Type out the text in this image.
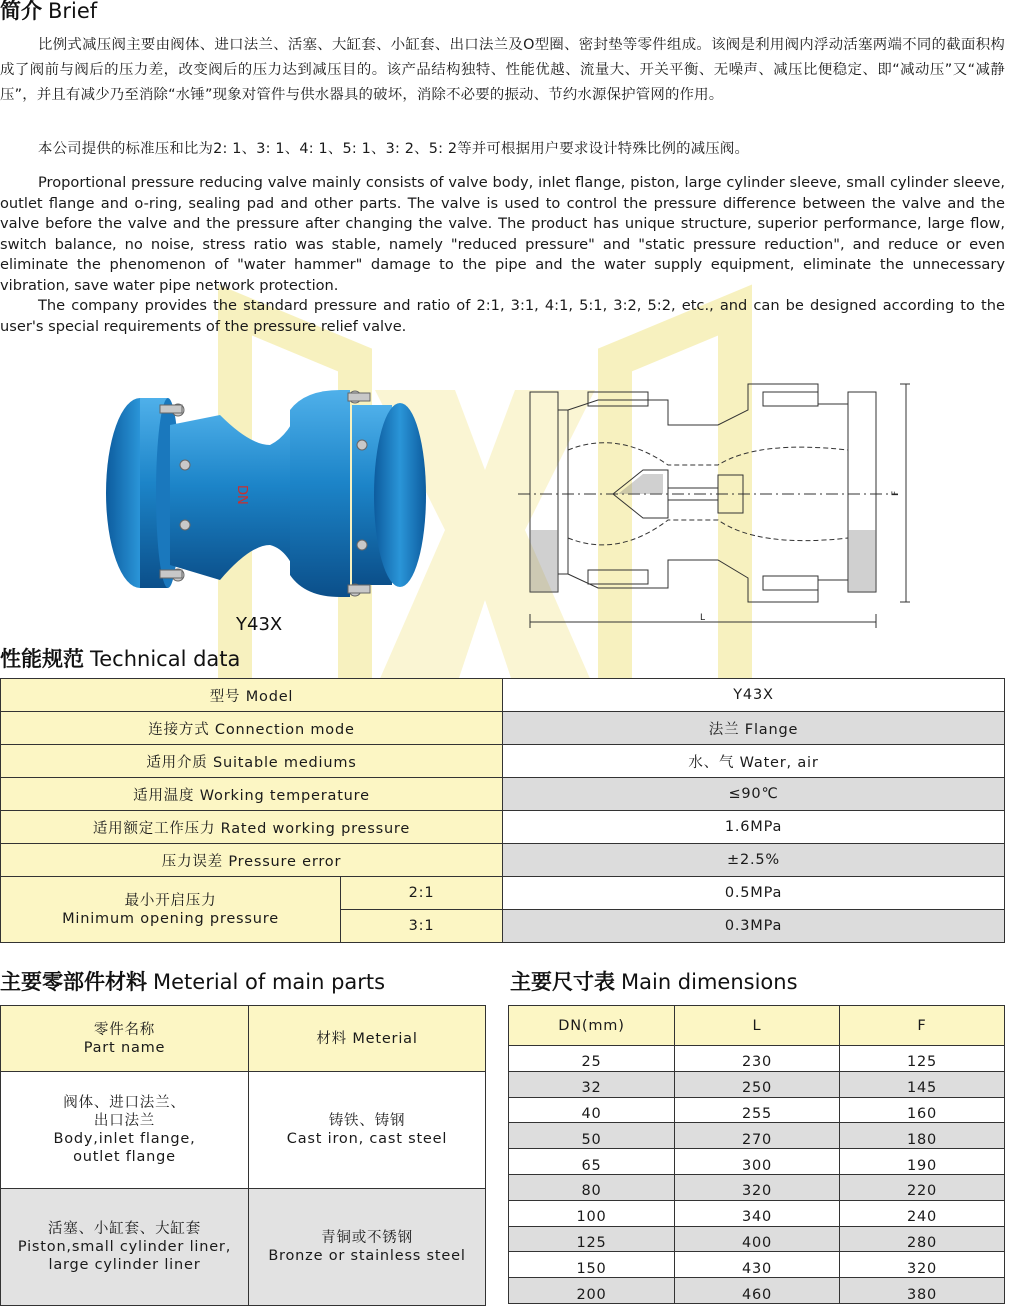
简介 Brief

比例式减压阀主要由阀体、进口法兰、活塞、大缸套、小缸套、出口法兰及O型圈、密封垫等零件组成。该阀是利用阀内浮动活塞两端不同的截面积构成了阀前与阀后的压力差，改变阀后的压力达到减压目的。该产品结构独特、性能优越、流量大、开关平衡、无噪声、减压比便稳定、即“减动压”又“减静压”，并且有减少乃至消除“水锤”现象对管件与供水器具的破坏，消除不必要的振动、节约水源保护管网的作用。

本公司提供的标准压和比为2: 1、3: 1、4: 1、5: 1、3: 2、5: 2等并可根据用户要求设计特殊比例的减压阀。

Proportional pressure reducing valve mainly consists of valve body, inlet flange, piston, large cylinder sleeve, small cylinder sleeve, outlet flange and o-ring, sealing pad and other parts. The valve is used to control the pressure difference between the valve and the valve before the valve and the pressure after changing the valve. The product has unique structure, superior performance, large flow, switch balance, no noise, stress ratio was stable, namely "reduced pressure" and "static pressure reduction", and reduce or even eliminate the phenomenon of "water hammer" damage to the pipe and the water supply equipment, eliminate the unnecessary vibration, save water pipe network protection.

The company provides the standard pressure and ratio of 2:1, 3:1, 4:1, 5:1, 3:2, 5:2, etc., and can be designed according to the user's special requirements of the pressure relief valve.

DN
Y43X	L
F
性能规范 Technical data
型号 Model		Y43X
连接方式 Connection mode		法兰 Flange
适用介质 Suitable mediums		水、气 Water, air
适用温度 Working temperature		≤90℃
适用额定工作压力 Rated working pressure		1.6MPa
压力误差 Pressure error		±2.5%
最小开启压力
Minimum opening pressure	2:1	0.5MPa
	3:1	0.3MPa
主要零部件材料 Meterial of main parts
零件名称
Part name	材料 Meterial
阀体、进口法兰、
出口法兰
Body,inlet flange,
outlet flange	铸铁、铸钢
Cast iron, cast steel
活塞、小缸套、大缸套
Piston,small cylinder liner,
large cylinder liner	青铜或不锈钢
Bronze or stainless steel
主要尺寸表 Main dimensions
DN(mm)	L	F
25	230	125
32	250	145
40	255	160
50	270	180
65	300	190
80	320	220
100	340	240
125	400	280
150	430	320
200	460	380
